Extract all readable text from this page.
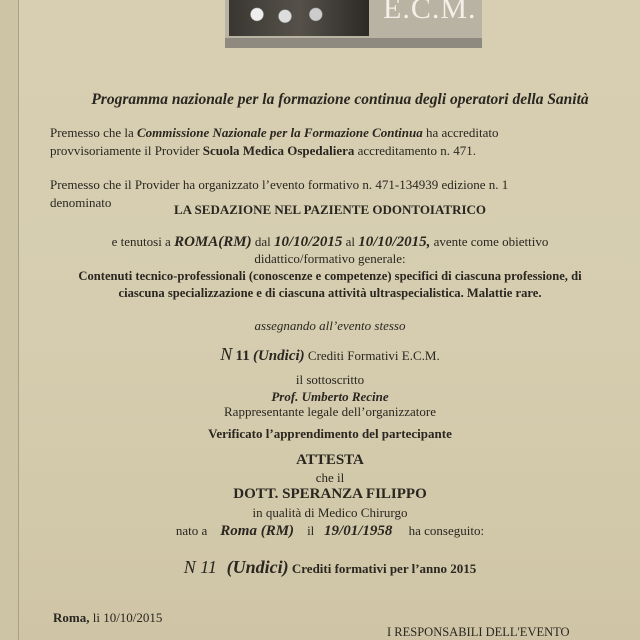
E.C.M.
Programma nazionale per la formazione continua degli operatori della Sanità
Premesso che la Commissione Nazionale per la Formazione Continua ha accreditato
provvisoriamente il Provider Scuola Medica Ospedaliera accreditamento n. 471.
Premesso che il Provider ha organizzato l’evento formativo n. 471-134939 edizione n. 1
denominato	LA SEDAZIONE NEL PAZIENTE ODONTOIATRICO
e tenutosi a ROMA(RM) dal 10/10/2015 al 10/10/2015, avente come obiettivo
didattico/formativo generale:
Contenuti tecnico-professionali (conoscenze e competenze) specifici di ciascuna professione, di
ciascuna specializzazione e di ciascuna attività ultraspecialistica. Malattie rare.
assegnando all’evento stesso
N 11 (Undici) Crediti Formativi E.C.M.
il sottoscritto
Prof. Umberto Recine
Rappresentante legale dell’organizzatore
Verificato l’apprendimento del partecipante
ATTESTA
che il
DOTT. SPERANZA FILIPPO
in qualità di Medico Chirurgo
nato a Roma (RM) il 19/01/1958 ha conseguito:
N 11 (Undici) Crediti formativi per l’anno 2015
Roma, li 10/10/2015
I RESPONSABILI DELL'EVENTO
